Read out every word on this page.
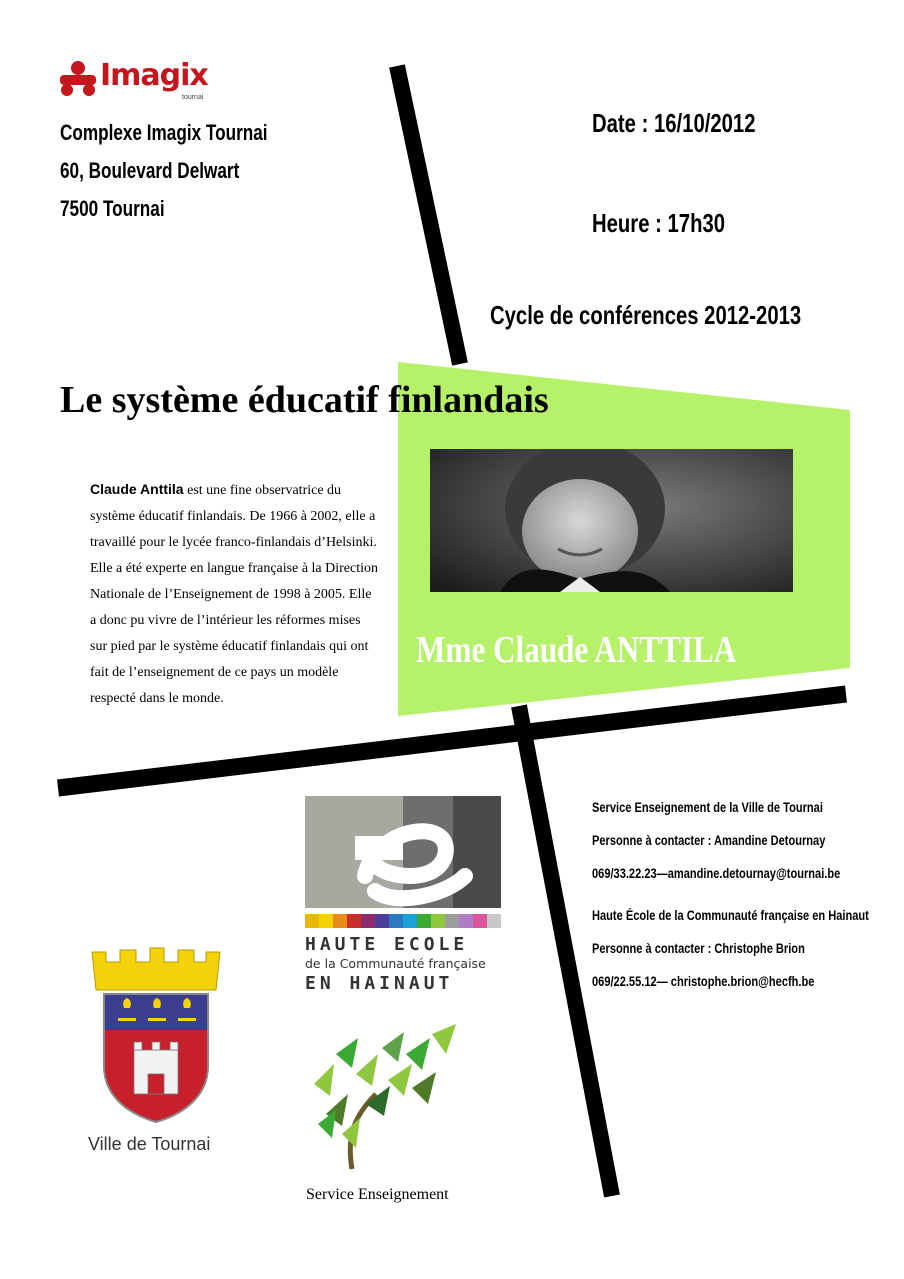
Imagix
tournai
Complexe Imagix Tournai
60, Boulevard Delwart
7500 Tournai
Date : 16/10/2012
Heure : 17h30
Cycle de conférences 2012-2013
Le système éducatif finlandais
Claude Anttila est une fine observatrice du système éducatif finlandais. De 1966 à 2002, elle a travaillé pour le lycée franco-finlandais d’Helsinki. Elle a été experte en langue française à la Direction Nationale de l’Enseignement de 1998 à 2005. Elle a donc pu vivre de l’intérieur les réformes mises sur pied par le système éducatif finlandais qui ont fait de l’enseignement de ce pays un modèle respecté dans le monde.
Mme Claude ANTTILA
Service Enseignement de la Ville de Tournai
Personne à contacter : Amandine Detournay
069/33.22.23—amandine.detournay@tournai.be
Haute École de la Communauté française en Hainaut
Personne à contacter : Christophe Brion
069/22.55.12— christophe.brion@hecfh.be
HAUTE ECOLE
de la Communauté française
EN HAINAUT
Ville de Tournai
Service Enseignement
